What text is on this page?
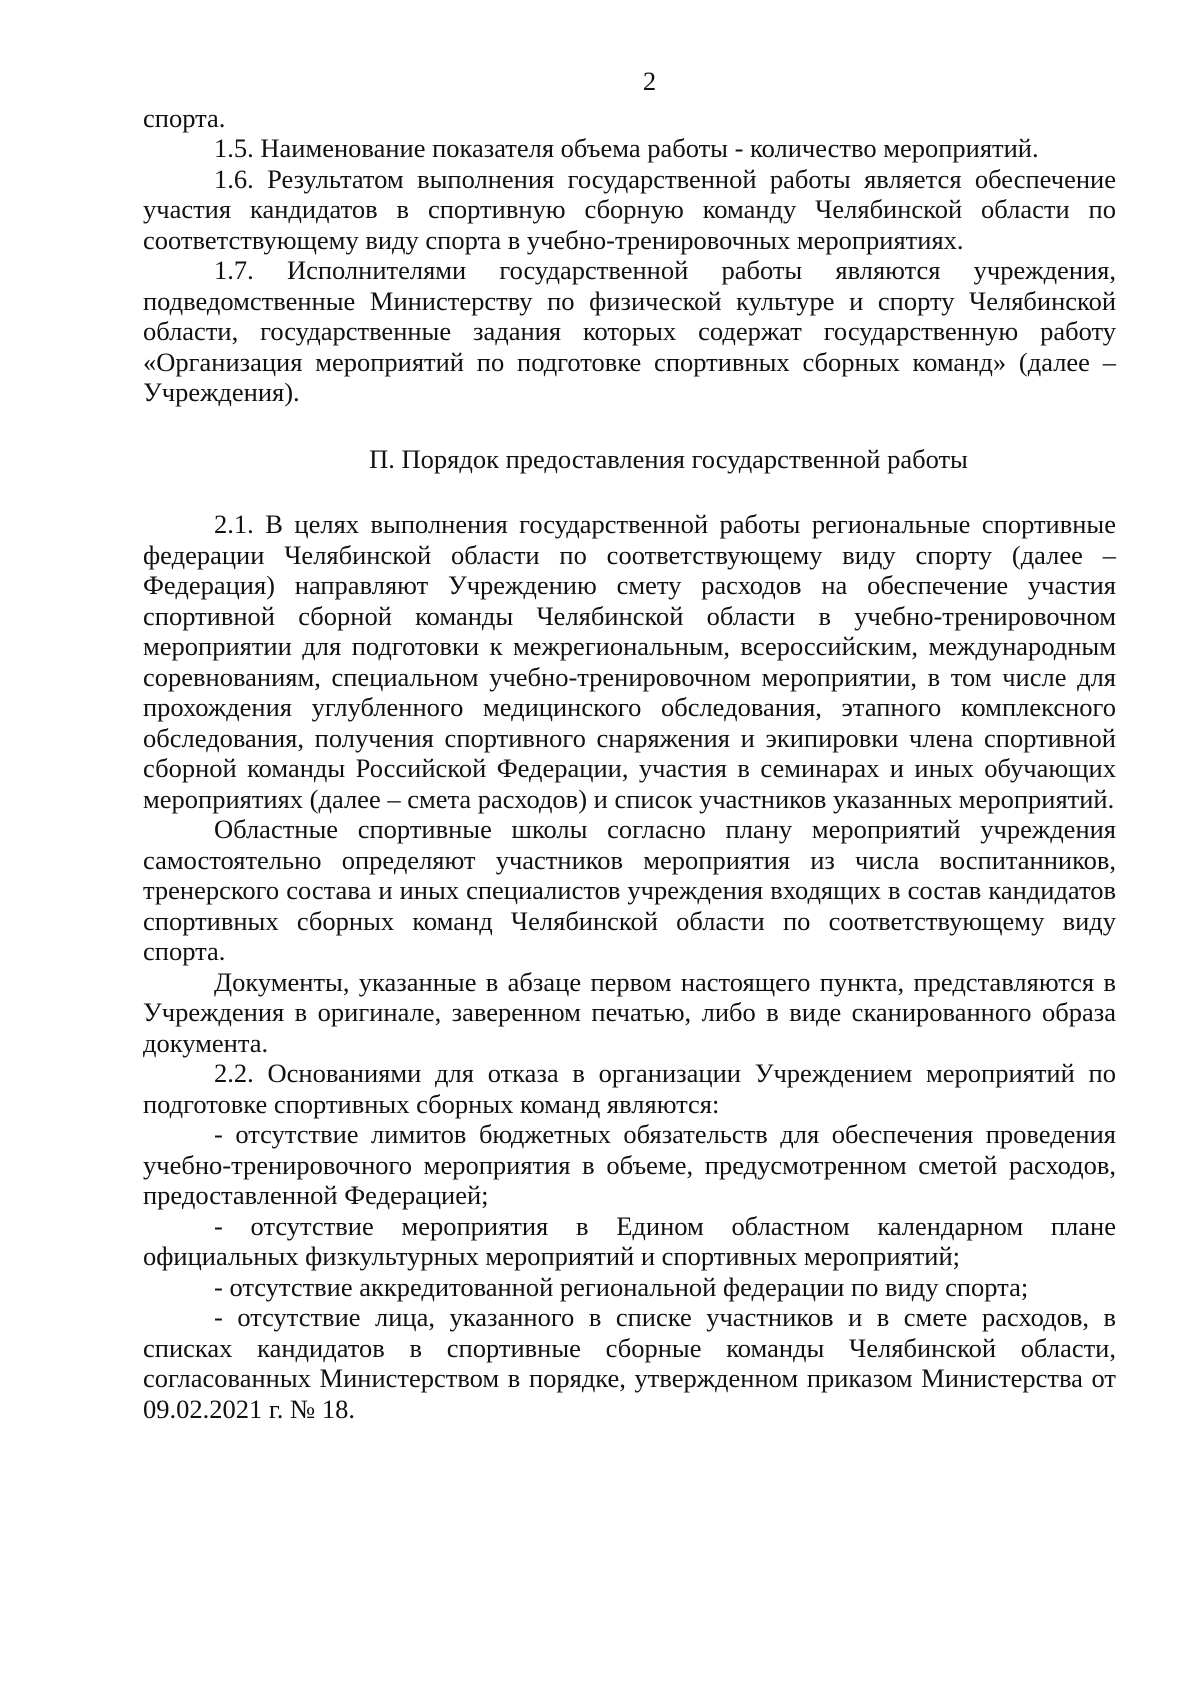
2

спорта.

1.5. Наименование показателя объема работы - количество мероприятий.

1.6. Результатом выполнения государственной работы является обеспечение участия кандидатов в спортивную сборную команду Челябинской области по соответствующему виду спорта в учебно-тренировочных мероприятиях.

1.7. Исполнителями государственной работы являются учреждения, подведомственные Министерству по физической культуре и спорту Челябинской области, государственные задания которых содержат государственную работу «Организация мероприятий по подготовке спортивных сборных команд» (далее – Учреждения).

П. Порядок предоставления государственной работы

2.1. В целях выполнения государственной работы региональные спортивные федерации Челябинской области по соответствующему виду спорту (далее – Федерация) направляют Учреждению смету расходов на обеспечение участия спортивной сборной команды Челябинской области в учебно-тренировочном мероприятии для подготовки к межрегиональным, всероссийским, международным соревнованиям, специальном учебно-тренировочном мероприятии, в том числе для прохождения углубленного медицинского обследования, этапного комплексного обследования, получения спортивного снаряжения и экипировки члена спортивной сборной команды Российской Федерации, участия в семинарах и иных обучающих мероприятиях (далее – смета расходов) и список участников указанных мероприятий.

Областные спортивные школы согласно плану мероприятий учреждения самостоятельно определяют участников мероприятия из числа воспитанников, тренерского состава и иных специалистов учреждения входящих в состав кандидатов спортивных сборных команд Челябинской области по соответствующему виду спорта.

Документы, указанные в абзаце первом настоящего пункта, представляются в Учреждения в оригинале, заверенном печатью, либо в виде сканированного образа документа.

2.2. Основаниями для отказа в организации Учреждением мероприятий по подготовке спортивных сборных команд являются:

- отсутствие лимитов бюджетных обязательств для обеспечения проведения учебно-тренировочного мероприятия в объеме, предусмотренном сметой расходов, предоставленной Федерацией;

- отсутствие мероприятия в Едином областном календарном плане официальных физкультурных мероприятий и спортивных мероприятий;

- отсутствие аккредитованной региональной федерации по виду спорта;

- отсутствие лица, указанного в списке участников и в смете расходов, в списках кандидатов в спортивные сборные команды Челябинской области, согласованных Министерством в порядке, утвержденном приказом Министерства от 09.02.2021 г. № 18.
